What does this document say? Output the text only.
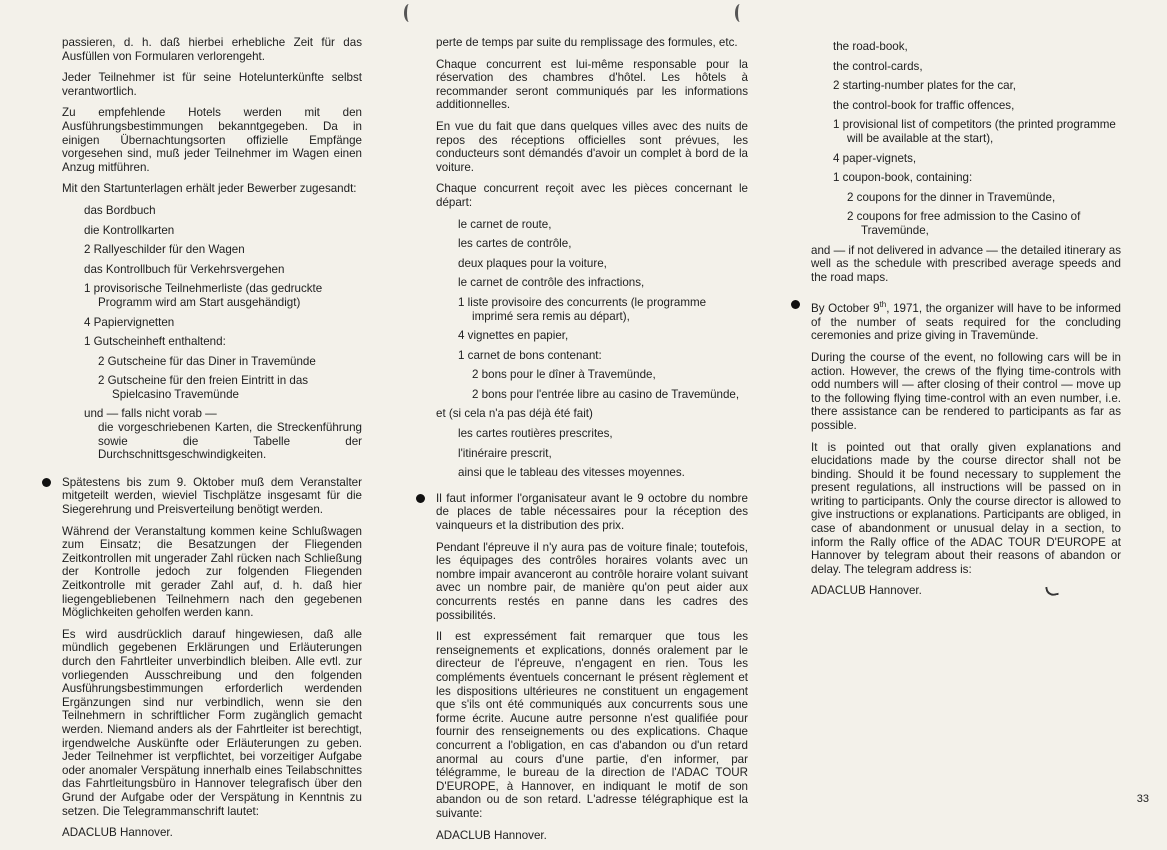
passieren, d. h. daß hierbei erhebliche Zeit für das Ausfüllen von Formularen verlorengeht.

Jeder Teilnehmer ist für seine Hotelunterkünfte selbst verantwortlich.

Zu empfehlende Hotels werden mit den Ausführungsbestimmungen bekanntgegeben. Da in einigen Übernachtungsorten offizielle Empfänge vorgesehen sind, muß jeder Teilnehmer im Wagen einen Anzug mitführen.

Mit den Startunterlagen erhält jeder Bewerber zugesandt:

das Bordbuch
die Kontrollkarten
2 Rallyeschilder für den Wagen
das Kontrollbuch für Verkehrsvergehen
1 provisorische Teilnehmerliste (das gedruckte Programm wird am Start ausgehändigt)
4 Papiervignetten
1 Gutscheinheft enthaltend:
2 Gutscheine für das Diner in Travemünde
2 Gutscheine für den freien Eintritt in das Spielcasino Travemünde
und — falls nicht vorab —

die vorgeschriebenen Karten, die Streckenführung sowie die Tabelle der Durchschnittsgeschwindigkeiten.

Spätestens bis zum 9. Oktober muß dem Veranstalter mitgeteilt werden, wieviel Tischplätze insgesamt für die Siegerehrung und Preisverteilung benötigt werden.

Während der Veranstaltung kommen keine Schlußwagen zum Einsatz; die Besatzungen der Fliegenden Zeitkontrollen mit ungerader Zahl rücken nach Schließung der Kontrolle jedoch zur folgenden Fliegenden Zeitkontrolle mit gerader Zahl auf, d. h. daß hier liegengebliebenen Teilnehmern nach den gegebenen Möglichkeiten geholfen werden kann.

Es wird ausdrücklich darauf hingewiesen, daß alle mündlich gegebenen Erklärungen und Erläuterungen durch den Fahrtleiter unverbindlich bleiben. Alle evtl. zur vorliegenden Ausschreibung und den folgenden Ausführungsbestimmungen erforderlich werdenden Ergänzungen sind nur verbindlich, wenn sie den Teilnehmern in schriftlicher Form zugänglich gemacht werden. Niemand anders als der Fahrtleiter ist berechtigt, irgendwelche Auskünfte oder Erläuterungen zu geben. Jeder Teilnehmer ist verpflichtet, bei vorzeitiger Aufgabe oder anomaler Verspätung innerhalb eines Teilabschnittes das Fahrtleitungsbüro in Hannover telegrafisch über den Grund der Aufgabe oder der Verspätung in Kenntnis zu setzen. Die Telegrammanschrift lautet:

ADACLUB Hannover.

perte de temps par suite du remplissage des formules, etc.

Chaque concurrent est lui-même responsable pour la réservation des chambres d'hôtel. Les hôtels à recommander seront communiqués par les informations additionnelles.

En vue du fait que dans quelques villes avec des nuits de repos des réceptions officielles sont prévues, les conducteurs sont démandés d'avoir un complet à bord de la voiture.

Chaque concurrent reçoit avec les pièces concernant le départ:

le carnet de route,
les cartes de contrôle,
deux plaques pour la voiture,
le carnet de contrôle des infractions,
1 liste provisoire des concurrents (le programme imprimé sera remis au départ),
4 vignettes en papier,
1 carnet de bons contenant:
2 bons pour le dîner à Travemünde,
2 bons pour l'entrée libre au casino de Travemünde,
et (si cela n'a pas déjà été fait)
les cartes routières prescrites,
l'itinéraire prescrit,
ainsi que le tableau des vitesses moyennes.

Il faut informer l'organisateur avant le 9 octobre du nombre de places de table nécessaires pour la réception des vainqueurs et la distribution des prix.

Pendant l'épreuve il n'y aura pas de voiture finale; toutefois, les équipages des contrôles horaires volants avec un nombre impair avanceront au contrôle horaire volant suivant avec un nombre pair, de manière qu'on peut aider aux concurrents restés en panne dans les cadres des possibilités.

Il est expressément fait remarquer que tous les renseignements et explications, donnés oralement par le directeur de l'épreuve, n'engagent en rien. Tous les compléments éventuels concernant le présent règlement et les dispositions ultérieures ne constituent un engagement que s'ils ont été communiqués aux concurrents sous une forme écrite. Aucune autre personne n'est qualifiée pour fournir des renseignements ou des explications. Chaque concurrent a l'obligation, en cas d'abandon ou d'un retard anormal au cours d'une partie, d'en informer, par télégramme, le bureau de la direction de l'ADAC TOUR D'EUROPE, à Hannover, en indiquant le motif de son abandon ou de son retard. L'adresse télégraphique est la suivante:

ADACLUB Hannover.

the road-book,
the control-cards,
2 starting-number plates for the car,
the control-book for traffic offences,
1 provisional list of competitors (the printed programme will be available at the start),
4 paper-vignets,
1 coupon-book, containing:
2 coupons for the dinner in Travemünde,
2 coupons for free admission to the Casino of Travemünde,

and — if not delivered in advance — the detailed itinerary as well as the schedule with prescribed average speeds and the road maps.

By October 9th, 1971, the organizer will have to be informed of the number of seats required for the concluding ceremonies and prize giving in Travemünde.

During the course of the event, no following cars will be in action. However, the crews of the flying time-controls with odd numbers will — after closing of their control — move up to the following flying time-control with an even number, i.e. there assistance can be rendered to participants as far as possible.

It is pointed out that orally given explanations and elucidations made by the course director shall not be binding. Should it be found necessary to supplement the present regulations, all instructions will be passed on in writing to participants. Only the course director is allowed to give instructions or explanations. Participants are obliged, in case of abandonment or unusual delay in a section, to inform the Rally office of the ADAC TOUR D'EUROPE at Hannover by telegram about their reasons of abandon or delay. The telegram address is:

ADACLUB Hannover.

33
